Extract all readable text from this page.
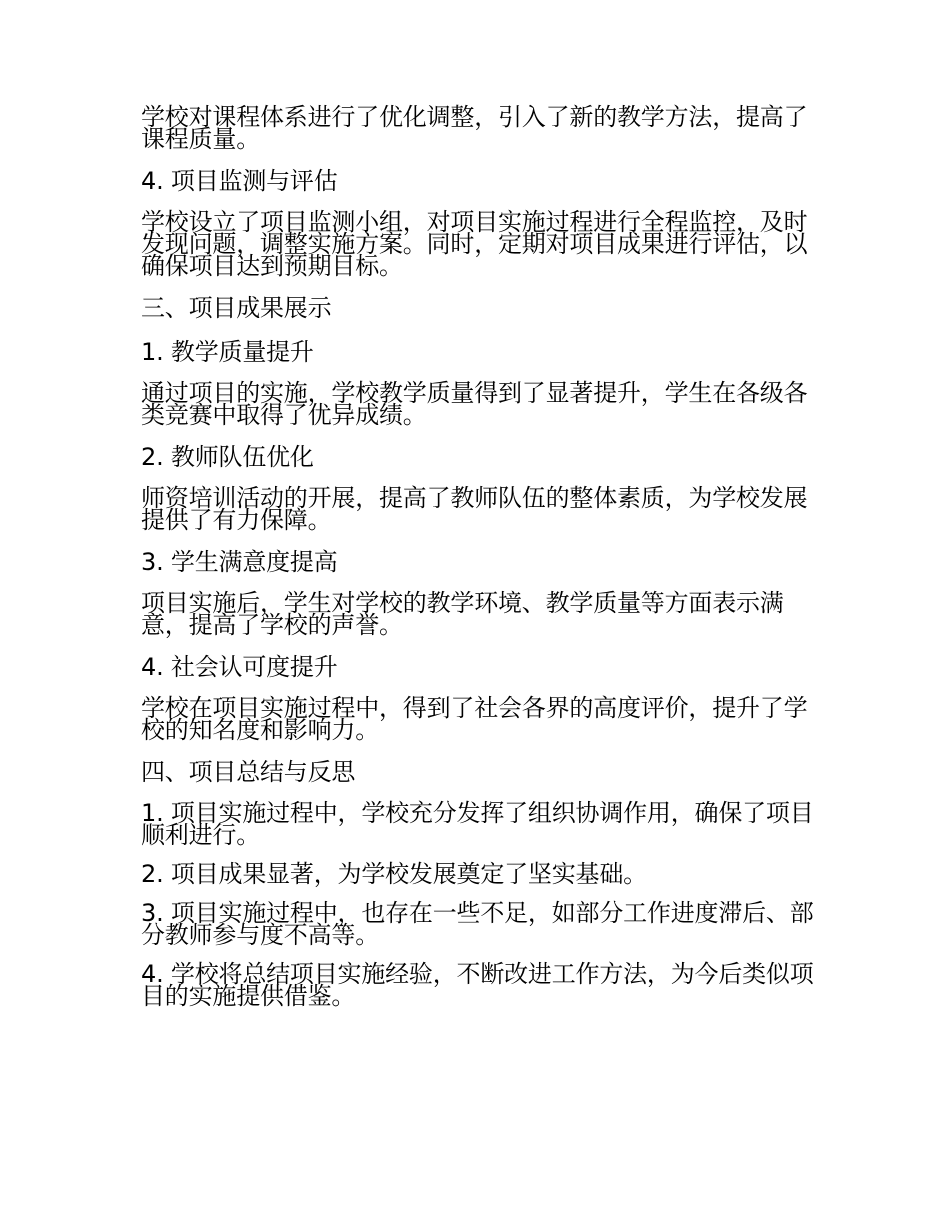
学校对课程体系进行了优化调整，引入了新的教学方法，提高了课程质量。

4. 项目监测与评估

学校设立了项目监测小组，对项目实施过程进行全程监控，及时发现问题，调整实施方案。同时，定期对项目成果进行评估，以确保项目达到预期目标。

三、项目成果展示

1. 教学质量提升

通过项目的实施，学校教学质量得到了显著提升，学生在各级各类竞赛中取得了优异成绩。

2. 教师队伍优化

师资培训活动的开展，提高了教师队伍的整体素质，为学校发展提供了有力保障。

3. 学生满意度提高

项目实施后，学生对学校的教学环境、教学质量等方面表示满意，提高了学校的声誉。

4. 社会认可度提升

学校在项目实施过程中，得到了社会各界的高度评价，提升了学校的知名度和影响力。

四、项目总结与反思

1. 项目实施过程中，学校充分发挥了组织协调作用，确保了项目顺利进行。

2. 项目成果显著，为学校发展奠定了坚实基础。

3. 项目实施过程中，也存在一些不足，如部分工作进度滞后、部分教师参与度不高等。

4. 学校将总结项目实施经验，不断改进工作方法，为今后类似项目的实施提供借鉴。
